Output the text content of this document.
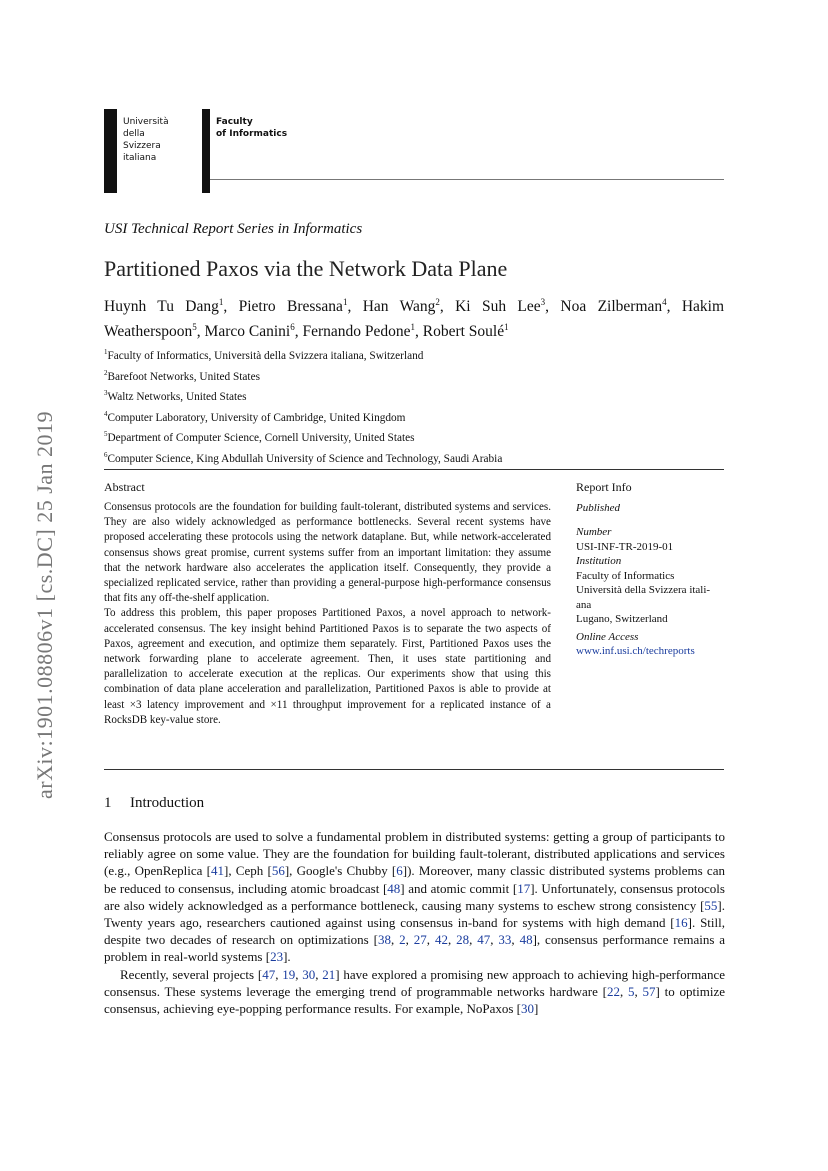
Università
della
Svizzera
italiana
Faculty
of Informatics
arXiv:1901.08806v1 [cs.DC] 25 Jan 2019
USI Technical Report Series in Informatics
Partitioned Paxos via the Network Data Plane
Huynh Tu Dang$^1$, Pietro Bressana$^1$, Han Wang$^2$, Ki Suh Lee$^3$, Noa Zilberman$^4$, Hakim Weatherspoon$^5$, Marco Canini$^6$, Fernando Pedone$^1$, Robert Soulé$^1$
$^1$Faculty of Informatics, Università della Svizzera italiana, Switzerland
$^2$Barefoot Networks, United States
$^3$Waltz Networks, United States
$^4$Computer Laboratory, University of Cambridge, United Kingdom
$^5$Department of Computer Science, Cornell University, United States
$^6$Computer Science, King Abdullah University of Science and Technology, Saudi Arabia
Abstract

Consensus protocols are the foundation for building fault-tolerant, distributed systems and services. They are also widely acknowledged as performance bottlenecks. Several recent systems have proposed accelerating these protocols using the network dataplane. But, while network-accelerated consensus shows great promise, current systems suffer from an important limitation: they assume that the network hardware also accelerates the application itself. Consequently, they provide a specialized replicated service, rather than providing a general-purpose high-performance consensus that fits any off-the-shelf application.

To address this problem, this paper proposes Partitioned Paxos, a novel approach to network-accelerated consensus. The key insight behind Partitioned Paxos is to separate the two aspects of Paxos, agreement and execution, and optimize them separately. First, Partitioned Paxos uses the network forwarding plane to accelerate agreement. Then, it uses state partitioning and parallelization to accelerate execution at the replicas. Our experiments show that using this combination of data plane acceleration and parallelization, Partitioned Paxos is able to provide at least ×3 latency improvement and ×11 throughput improvement for a replicated instance of a RocksDB key-value store.

Report Info
Published
Number
USI-INF-TR-2019-01
Institution
Faculty of Informatics
Università della Svizzera itali-
ana
Lugano, Switzerland
Online Access
www.inf.usi.ch/techreports
1 Introduction

Consensus protocols are used to solve a fundamental problem in distributed systems: getting a group of participants to reliably agree on some value. They are the foundation for building fault-tolerant, distributed applications and services (e.g., OpenReplica [41], Ceph [56], Google's Chubby [6]). Moreover, many classic distributed systems problems can be reduced to consensus, including atomic broadcast [48] and atomic commit [17]. Unfortunately, consensus protocols are also widely acknowledged as a performance bottleneck, causing many systems to eschew strong consistency [55]. Twenty years ago, researchers cautioned against using consensus in-band for systems with high demand [16]. Still, despite two decades of research on optimizations [38, 2, 27, 42, 28, 47, 33, 48], consensus performance remains a problem in real-world systems [23].

Recently, several projects [47, 19, 30, 21] have explored a promising new approach to achieving high-performance consensus. These systems leverage the emerging trend of programmable networks hardware [22, 5, 57] to optimize consensus, achieving eye-popping performance results. For example, NoPaxos [30]
